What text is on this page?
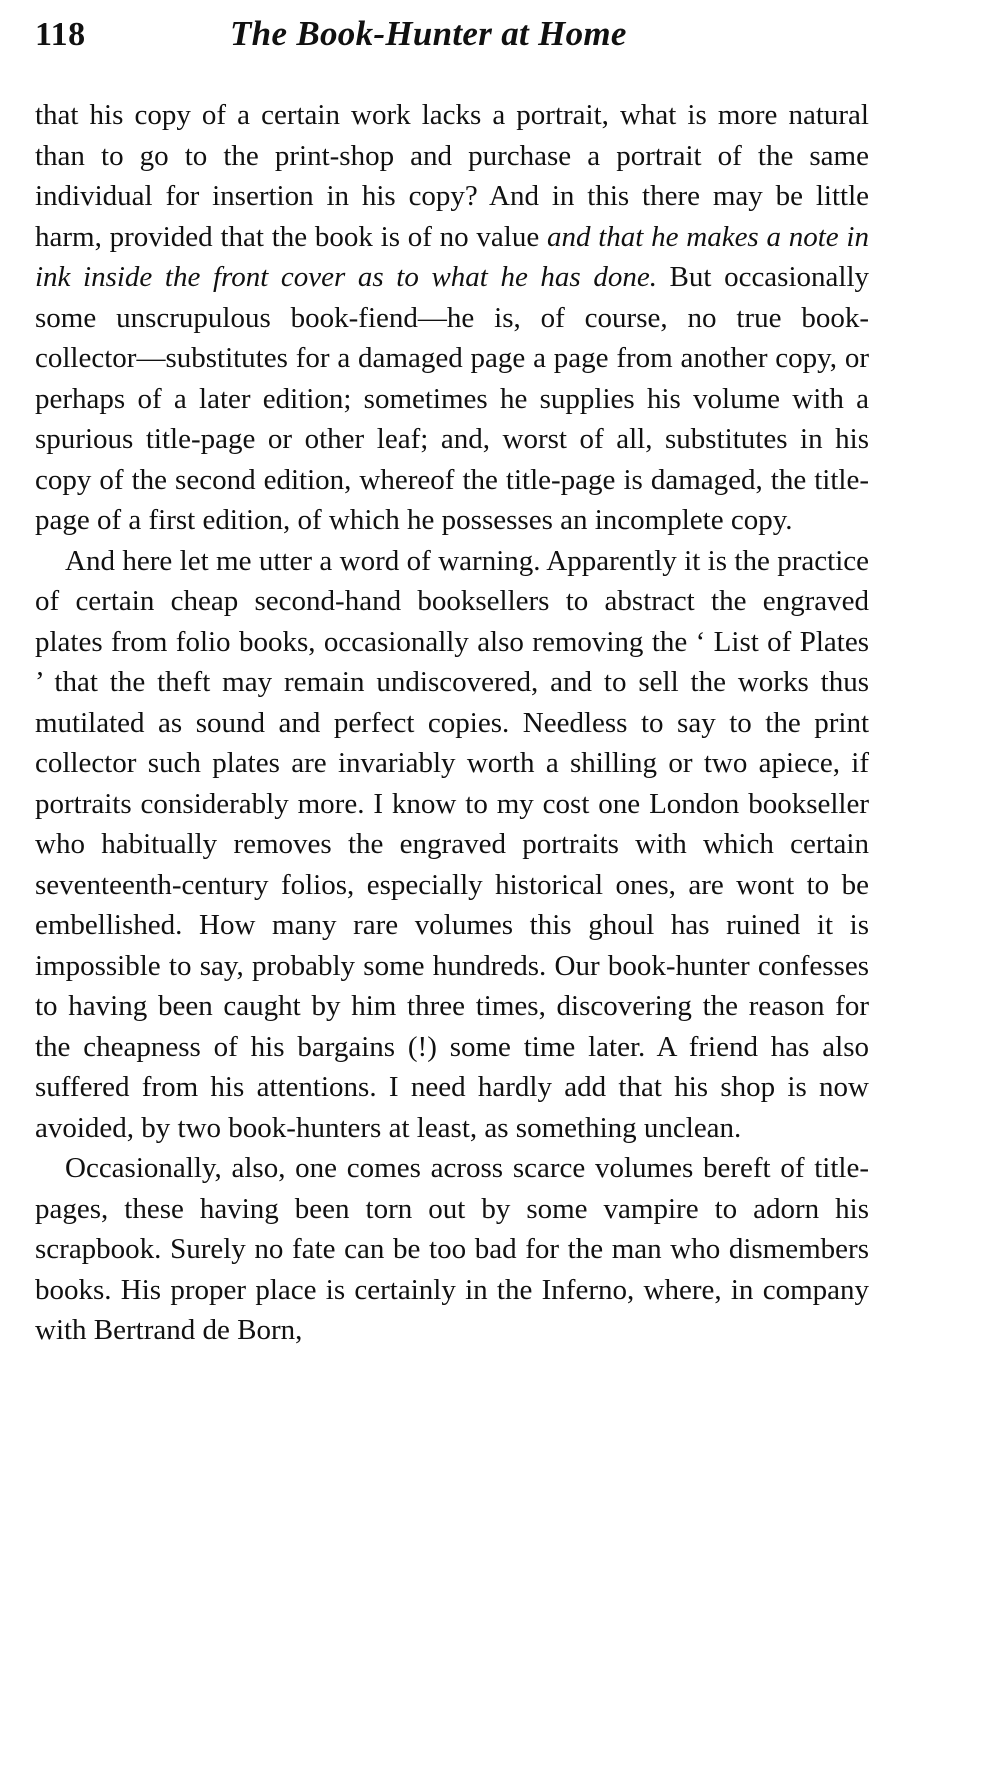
118	The Book-Hunter at Home

that his copy of a certain work lacks a portrait, what is more natural than to go to the print-shop and purchase a portrait of the same individual for insertion in his copy? And in this there may be little harm, provided that the book is of no value and that he makes a note in ink inside the front cover as to what he has done. But occasionally some unscrupulous book-fiend—he is, of course, no true book-collector—substitutes for a damaged page a page from another copy, or perhaps of a later edition; sometimes he supplies his volume with a spurious title-page or other leaf; and, worst of all, substitutes in his copy of the second edition, whereof the title-page is damaged, the title-page of a first edition, of which he possesses an incomplete copy.

And here let me utter a word of warning. Apparently it is the practice of certain cheap second-hand booksellers to abstract the engraved plates from folio books, occasionally also removing the ‘ List of Plates ’ that the theft may remain undiscovered, and to sell the works thus mutilated as sound and perfect copies. Needless to say to the print collector such plates are invariably worth a shilling or two apiece, if portraits considerably more. I know to my cost one London bookseller who habitually removes the engraved portraits with which certain seventeenth-century folios, especially historical ones, are wont to be embellished. How many rare volumes this ghoul has ruined it is impossible to say, probably some hundreds. Our book-hunter confesses to having been caught by him three times, discovering the reason for the cheapness of his bargains (!) some time later. A friend has also suffered from his attentions. I need hardly add that his shop is now avoided, by two book-hunters at least, as something unclean.

Occasionally, also, one comes across scarce volumes bereft of title-pages, these having been torn out by some vampire to adorn his scrapbook. Surely no fate can be too bad for the man who dismembers books. His proper place is certainly in the Inferno, where, in company with Bertrand de Born,
